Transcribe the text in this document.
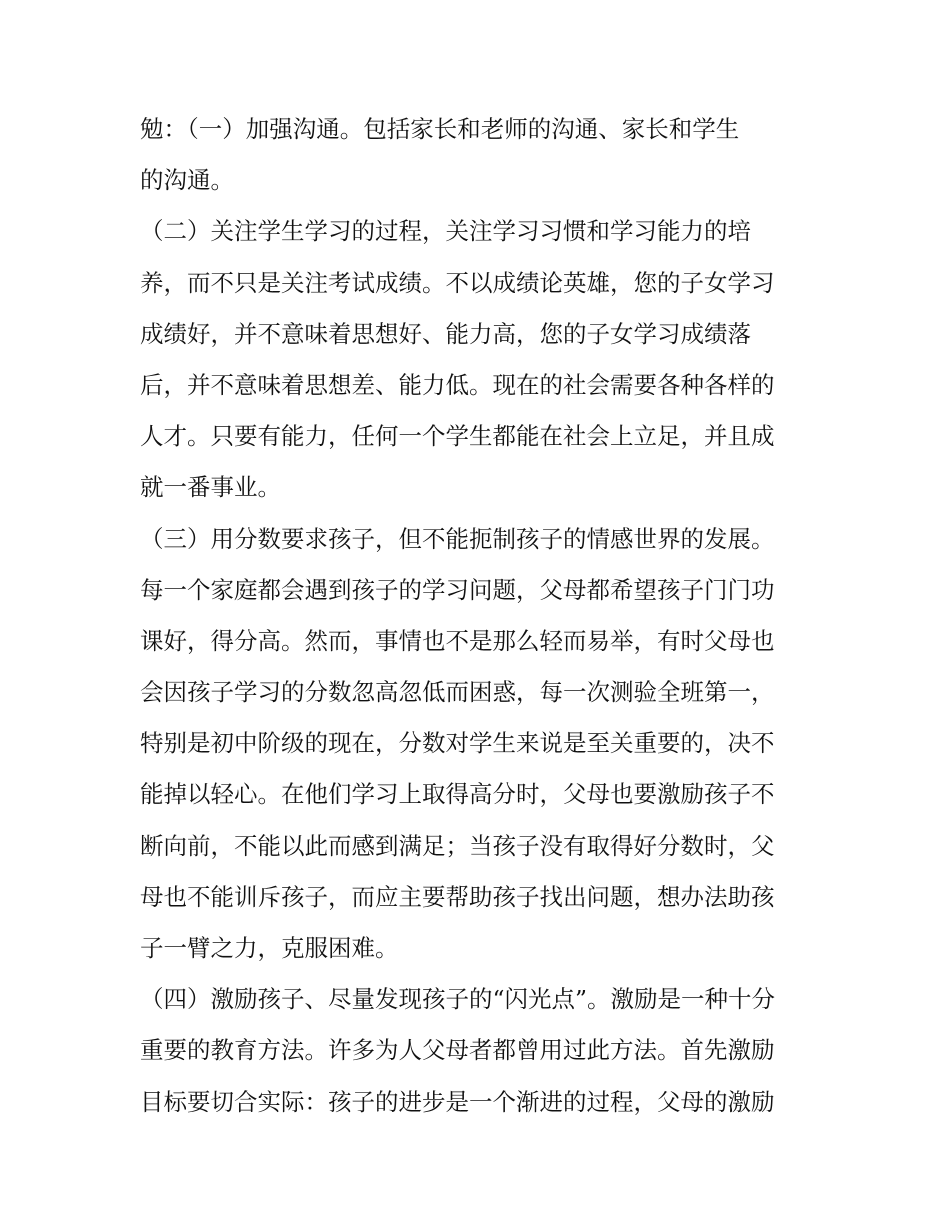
勉：（一）加强沟通。包括家长和老师的沟通、家长和学生
的沟通。
（二）关注学生学习的过程，关注学习习惯和学习能力的培
养，而不只是关注考试成绩。不以成绩论英雄，您的子女学习
成绩好，并不意味着思想好、能力高，您的子女学习成绩落
后，并不意味着思想差、能力低。现在的社会需要各种各样的
人才。只要有能力，任何一个学生都能在社会上立足，并且成
就一番事业。
（三）用分数要求孩子，但不能扼制孩子的情感世界的发展。
每一个家庭都会遇到孩子的学习问题，父母都希望孩子门门功
课好，得分高。然而，事情也不是那么轻而易举，有时父母也
会因孩子学习的分数忽高忽低而困惑，每一次测验全班第一，
特别是初中阶级的现在，分数对学生来说是至关重要的，决不
能掉以轻心。在他们学习上取得高分时，父母也要激励孩子不
断向前，不能以此而感到满足；当孩子没有取得好分数时，父
母也不能训斥孩子，而应主要帮助孩子找出问题，想办法助孩
子一臂之力，克服困难。
（四）激励孩子、尽量发现孩子的“闪光点”。激励是一种十分
重要的教育方法。许多为人父母者都曾用过此方法。首先激励
目标要切合实际：孩子的进步是一个渐进的过程，父母的激励
